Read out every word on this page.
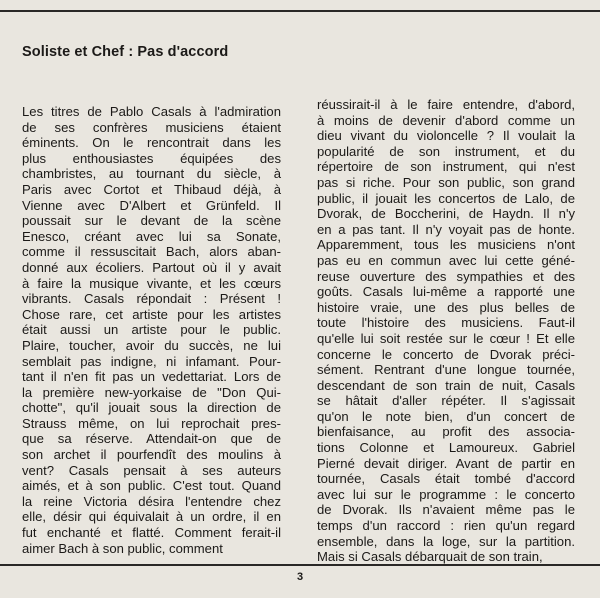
Soliste et Chef : Pas d'accord
Les titres de Pablo Casals à l'admiration
de ses confrères musiciens étaient
éminents. On le rencontrait dans les
plus enthousiastes équipées des
chambristes, au tournant du siècle, à
Paris avec Cortot et Thibaud déjà, à
Vienne avec D'Albert et Grünfeld. Il
poussait sur le devant de la scène
Enesco, créant avec lui sa Sonate,
comme il ressuscitait Bach, alors aban-
donné aux écoliers. Partout où il y avait
à faire la musique vivante, et les cœurs
vibrants. Casals répondait : Présent !
Chose rare, cet artiste pour les artistes
était aussi un artiste pour le public.
Plaire, toucher, avoir du succès, ne lui
semblait pas indigne, ni infamant. Pour-
tant il n'en fit pas un vedettariat. Lors de
la première new-yorkaise de "Don Qui-
chotte", qu'il jouait sous la direction de
Strauss même, on lui reprochait pres-
que sa réserve. Attendait-on que de
son archet il pourfendît des moulins à
vent? Casals pensait à ses auteurs
aimés, et à son public. C'est tout. Quand
la reine Victoria désira l'entendre chez
elle, désir qui équivalait à un ordre, il en
fut enchanté et flatté. Comment ferait-il
aimer Bach à son public, comment
réussirait-il à le faire entendre, d'abord,
à moins de devenir d'abord comme un
dieu vivant du violoncelle ? Il voulait la
popularité de son instrument, et du
répertoire de son instrument, qui n'est
pas si riche. Pour son public, son grand
public, il jouait les concertos de Lalo, de
Dvorak, de Boccherini, de Haydn. Il n'y
en a pas tant. Il n'y voyait pas de honte.
Apparemment, tous les musiciens n'ont
pas eu en commun avec lui cette géné-
reuse ouverture des sympathies et des
goûts. Casals lui-même a rapporté une
histoire vraie, une des plus belles de
toute l'histoire des musiciens. Faut-il
qu'elle lui soit restée sur le cœur ! Et elle
concerne le concerto de Dvorak préci-
sément. Rentrant d'une longue tournée,
descendant de son train de nuit, Casals
se hâtait d'aller répéter. Il s'agissait
qu'on le note bien, d'un concert de
bienfaisance, au profit des associa-
tions Colonne et Lamoureux. Gabriel
Pierné devait diriger. Avant de partir en
tournée, Casals était tombé d'accord
avec lui sur le programme : le concerto
de Dvorak. Ils n'avaient même pas le
temps d'un raccord : rien qu'un regard
ensemble, dans la loge, sur la partition.
Mais si Casals débarquait de son train,
3
